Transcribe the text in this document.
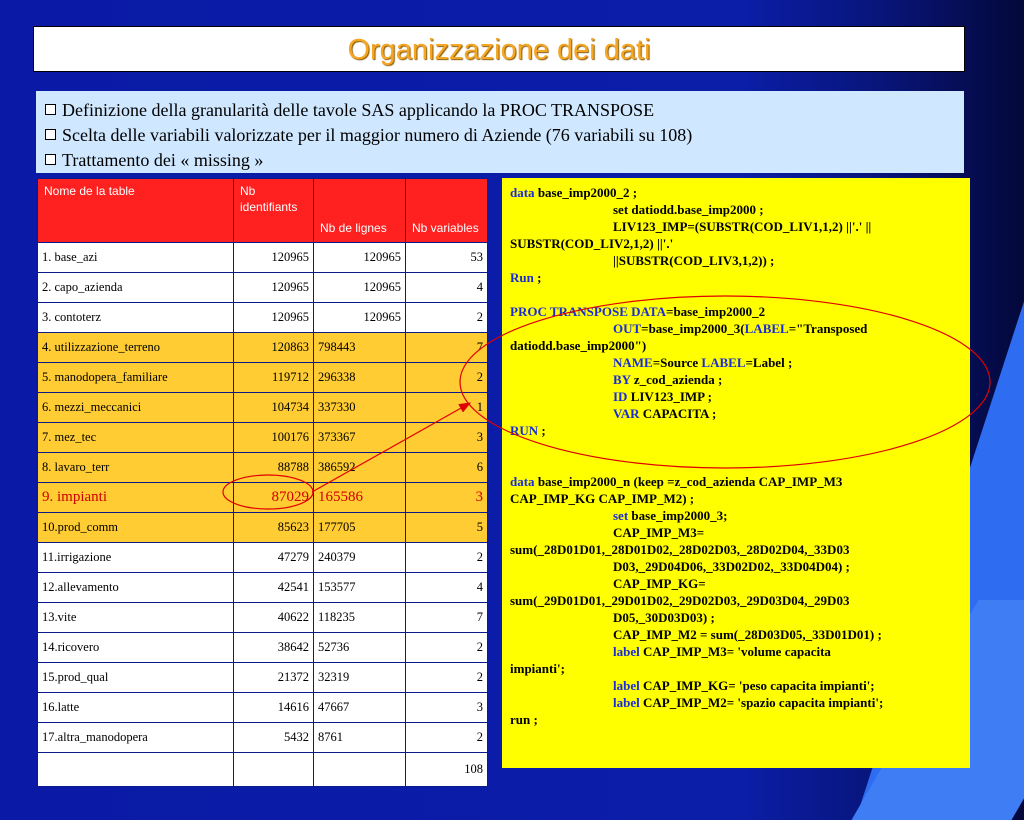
Organizzazione dei dati
Definizione della granularità delle tavole SAS applicando la PROC TRANSPOSE
Scelta delle variabili valorizzate per il maggior numero di Aziende (76 variabili su 108)
Trattamento dei « missing »
Nome de la table	Nb identifiants	Nb de lignes	Nb variables
1. base_azi	120965	120965	53
2. capo_azienda	120965	120965	4
3. contoterz	120965	120965	2
4. utilizzazione_terreno	120863	798443	7
5. manodopera_familiare	119712	296338	2
6. mezzi_meccanici	104734	337330	1
7. mez_tec	100176	373367	3
8. lavaro_terr	88788	386592	6
9. impianti	87029	165586	3
10.prod_comm	85623	177705	5
11.irrigazione	47279	240379	2
12.allevamento	42541	153577	4
13.vite	40622	118235	7
14.ricovero	38642	52736	2
15.prod_qual	21372	32319	2
16.latte	14616	47667	3
17.altra_manodopera	5432	8761	2
			108
data base_imp2000_2 ;
set datiodd.base_imp2000 ;
LIV123_IMP=(SUBSTR(COD_LIV1,1,2) ||'.' ||
SUBSTR(COD_LIV2,1,2) ||'.'
||SUBSTR(COD_LIV3,1,2)) ;
Run ;
PROC TRANSPOSE DATA=base_imp2000_2
OUT=base_imp2000_3(LABEL="Transposed
datiodd.base_imp2000")
NAME=Source LABEL=Label ;
BY z_cod_azienda ;
ID LIV123_IMP ;
VAR CAPACITA ;
RUN ;
data base_imp2000_n (keep =z_cod_azienda CAP_IMP_M3
CAP_IMP_KG CAP_IMP_M2) ;
set base_imp2000_3;
CAP_IMP_M3=
sum(_28D01D01,_28D01D02,_28D02D03,_28D02D04,_33D03
D03,_29D04D06,_33D02D02,_33D04D04) ;
CAP_IMP_KG=
sum(_29D01D01,_29D01D02,_29D02D03,_29D03D04,_29D03
D05,_30D03D03) ;
CAP_IMP_M2 = sum(_28D03D05,_33D01D01) ;
label CAP_IMP_M3= 'volume capacita
impianti';
label CAP_IMP_KG= 'peso capacita impianti';
label CAP_IMP_M2= 'spazio capacita impianti';
run ;
